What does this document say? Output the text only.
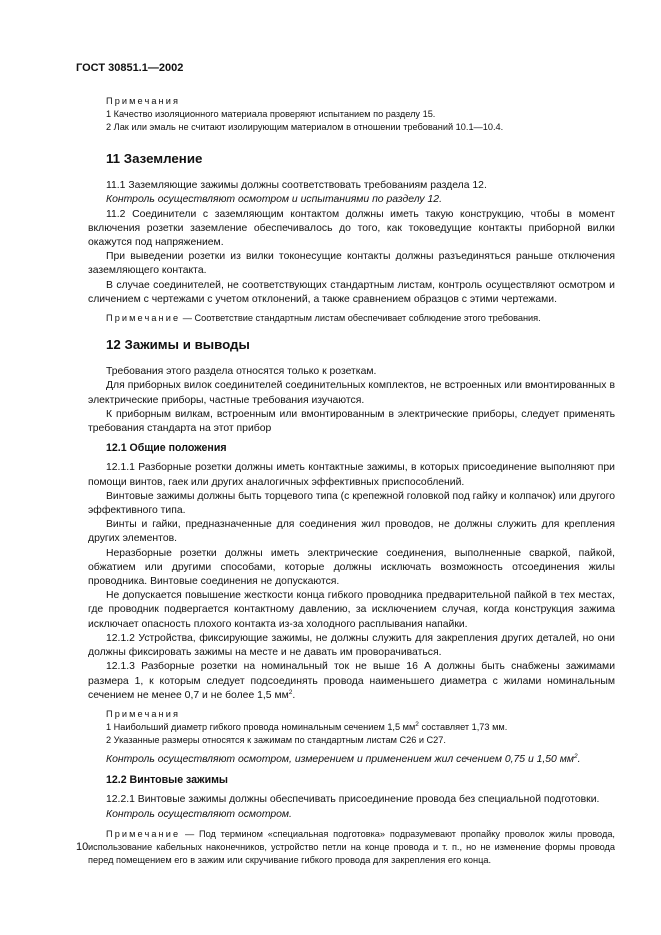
ГОСТ 30851.1—2002

Примечания

1 Качество изоляционного материала проверяют испытанием по разделу 15.

2 Лак или эмаль не считают изолирующим материалом в отношении требований 10.1—10.4.

11 Заземление

11.1 Заземляющие зажимы должны соответствовать требованиям раздела 12.

Контроль осуществляют осмотром и испытаниями по разделу 12.

11.2 Соединители с заземляющим контактом должны иметь такую конструкцию, чтобы в момент включения розетки заземление обеспечивалось до того, как токоведущие контакты приборной вилки окажутся под напряжением.

При выведении розетки из вилки токонесущие контакты должны разъединяться раньше отключения заземляющего контакта.

В случае соединителей, не соответствующих стандартным листам, контроль осуществляют осмотром и сличением с чертежами с учетом отклонений, а также сравнением образцов с этими чертежами.

Примечание — Соответствие стандартным листам обеспечивает соблюдение этого требования.

12 Зажимы и выводы

Требования этого раздела относятся только к розеткам.

Для приборных вилок соединителей соединительных комплектов, не встроенных или вмонтированных в электрические приборы, частные требования изучаются.

К приборным вилкам, встроенным или вмонтированным в электрические приборы, следует применять требования стандарта на этот прибор

12.1 Общие положения

12.1.1 Разборные розетки должны иметь контактные зажимы, в которых присоединение выполняют при помощи винтов, гаек или других аналогичных эффективных приспособлений.

Винтовые зажимы должны быть торцевого типа (с крепежной головкой под гайку и колпачок) или другого эффективного типа.

Винты и гайки, предназначенные для соединения жил проводов, не должны служить для крепления других элементов.

Неразборные розетки должны иметь электрические соединения, выполненные сваркой, пайкой, обжатием или другими способами, которые должны исключать возможность отсоединения жилы проводника. Винтовые соединения не допускаются.

Не допускается повышение жесткости конца гибкого проводника предварительной пайкой в тех местах, где проводник подвергается контактному давлению, за исключением случая, когда конструкция зажима исключает опасность плохого контакта из-за холодного расплывания напайки.

12.1.2 Устройства, фиксирующие зажимы, не должны служить для закрепления других деталей, но они должны фиксировать зажимы на месте и не давать им проворачиваться.

12.1.3 Разборные розетки на номинальный ток не выше 16 А должны быть снабжены зажимами размера 1, к которым следует подсоединять провода наименьшего диаметра с жилами номинальным сечением не менее 0,7 и не более 1,5 $мм^2$.

Примечания

1 Наибольший диаметр гибкого провода номинальным сечением 1,5 $мм^2$ составляет 1,73 мм.

2 Указанные размеры относятся к зажимам по стандартным листам С26 и С27.

Контроль осуществляют осмотром, измерением и применением жил сечением 0,75 и 1,50 $мм^2$.

12.2 Винтовые зажимы

12.2.1 Винтовые зажимы должны обеспечивать присоединение провода без специальной подготовки.

Контроль осуществляют осмотром.

Примечание — Под термином «специальная подготовка» подразумевают пропайку проволок жилы провода, использование кабельных наконечников, устройство петли на конце провода и т. п., но не изменение формы провода перед помещением его в зажим или скручивание гибкого провода для закрепления его конца.

10
